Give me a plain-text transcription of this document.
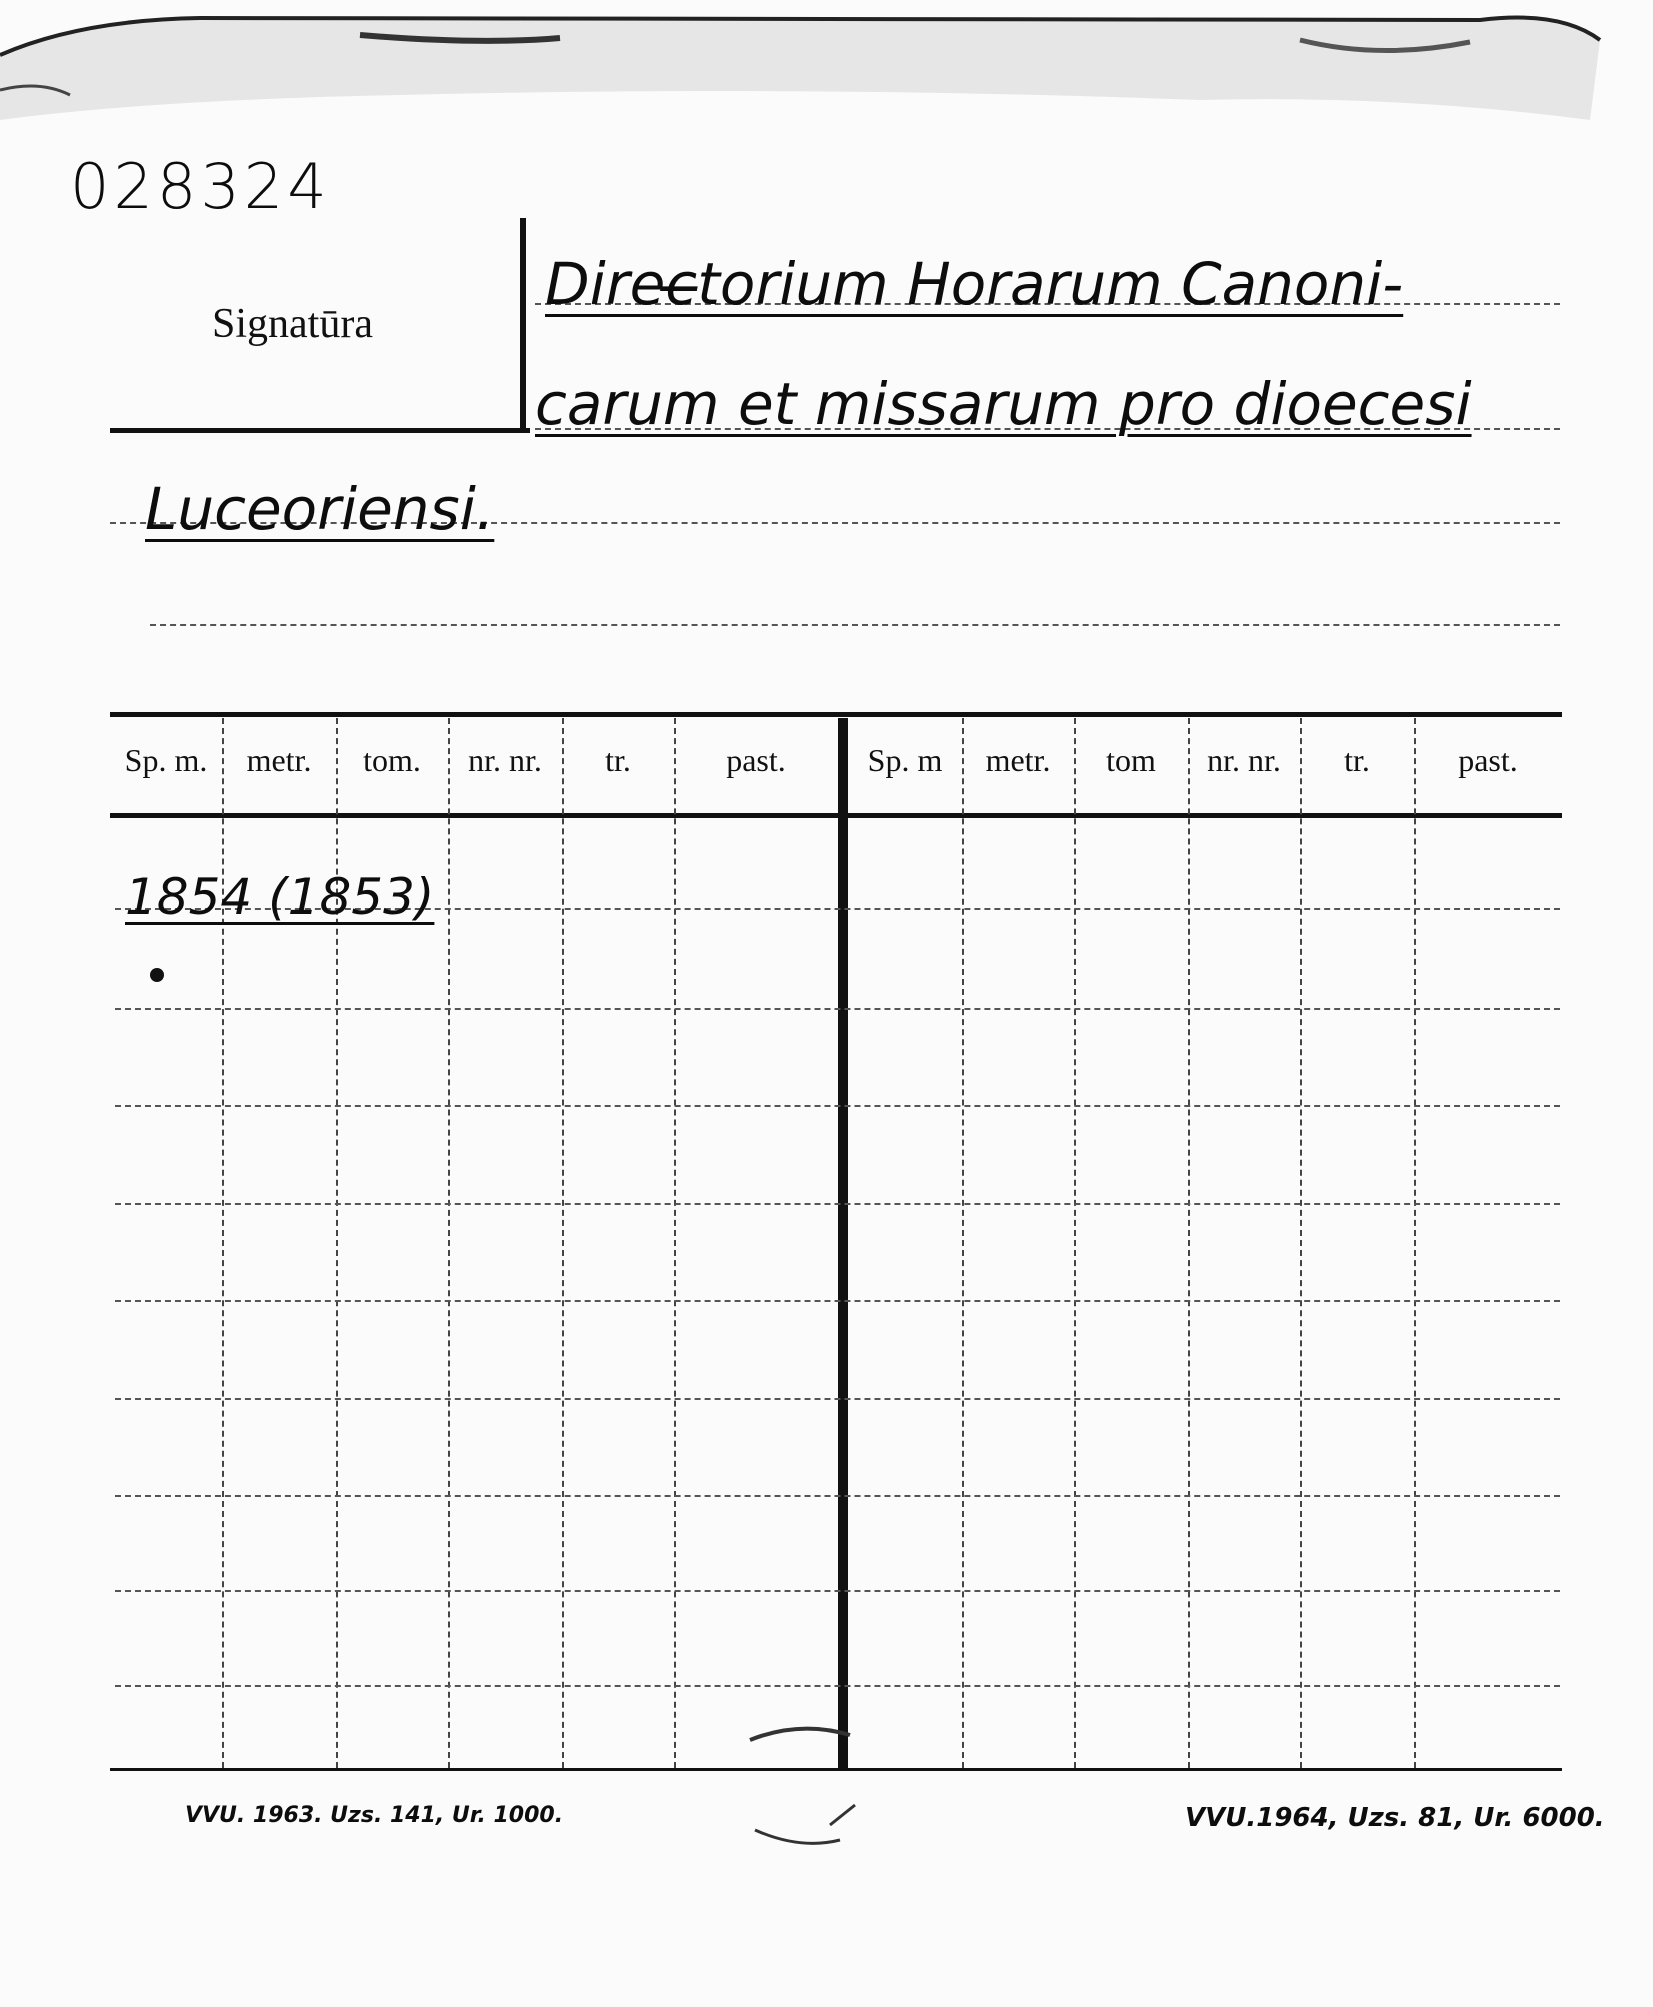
028324
Signatūra
Direc̶torium Horarum Canoni-
carum et missarum pro dioecesi
Luceoriensi.
Sp. m.	metr.	tom.	nr. nr.	tr.	past.	Sp. m	metr.	tom	nr. nr.	tr.	past.
1854 (1853)
VVU. 1963. Uzs. 141, Ur. 1000.	VVU.1964, Uzs. 81, Ur. 6000.
